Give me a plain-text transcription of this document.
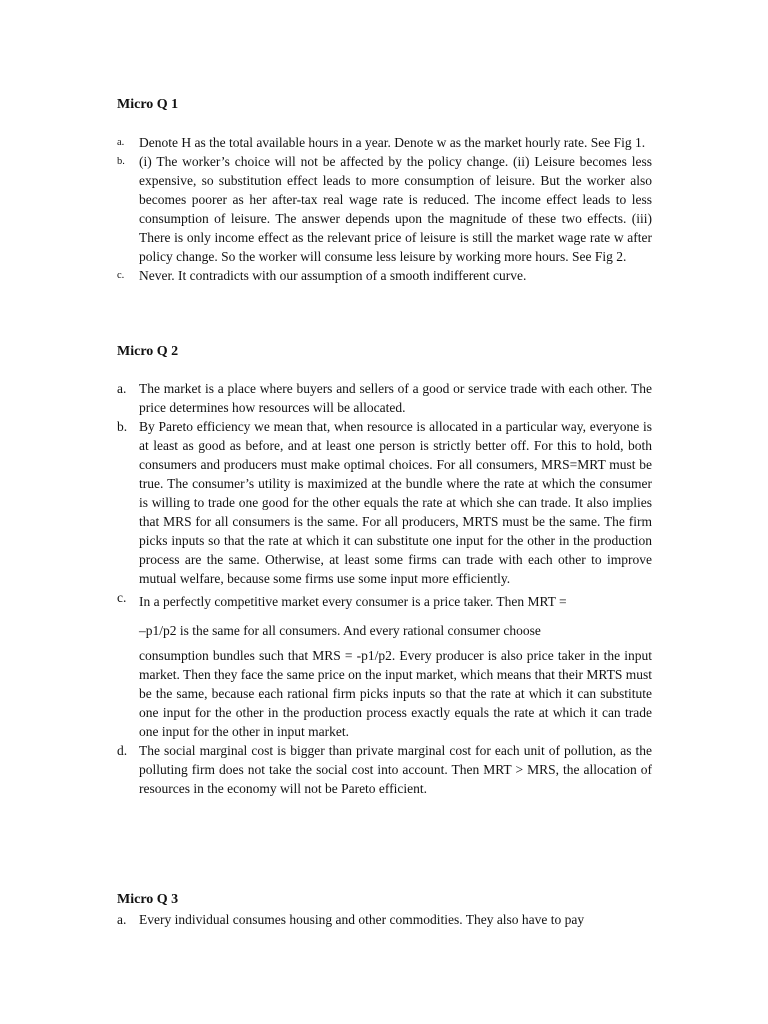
Micro Q 1

a. Denote H as the total available hours in a year. Denote w as the market hourly rate. See Fig 1.
b. (i) The worker’s choice will not be affected by the policy change. (ii) Leisure becomes less expensive, so substitution effect leads to more consumption of leisure. But the worker also becomes poorer as her after-tax real wage rate is reduced. The income effect leads to less consumption of leisure. The answer depends upon the magnitude of these two effects. (iii) There is only income effect as the relevant price of leisure is still the market wage rate w after policy change. So the worker will consume less leisure by working more hours. See Fig 2.
c. Never. It contradicts with our assumption of a smooth indifferent curve.

Micro Q 2

a. The market is a place where buyers and sellers of a good or service trade with each other. The price determines how resources will be allocated.
b. By Pareto efficiency we mean that, when resource is allocated in a particular way, everyone is at least as good as before, and at least one person is strictly better off. For this to hold, both consumers and producers must make optimal choices. For all consumers, MRS=MRT must be true. The consumer’s utility is maximized at the bundle where the rate at which the consumer is willing to trade one good for the other equals the rate at which she can trade. It also implies that MRS for all consumers is the same. For all producers, MRTS must be the same. The firm picks inputs so that the rate at which it can substitute one input for the other in the production process are the same. Otherwise, at least some firms can trade with each other to improve mutual welfare, because some firms use some input more efficiently.
c. In a perfectly competitive market every consumer is a price taker. Then MRT =
–p1/p2 is the same for all consumers. And every rational consumer choose
consumption bundles such that MRS = -p1/p2. Every producer is also price taker in the input market. Then they face the same price on the input market, which means that their MRTS must be the same, because each rational firm picks inputs so that the rate at which it can substitute one input for the other in the production process exactly equals the rate at which it can trade one input for the other in input market.
d. The social marginal cost is bigger than private marginal cost for each unit of pollution, as the polluting firm does not take the social cost into account. Then MRT > MRS, the allocation of resources in the economy will not be Pareto efficient.

Micro Q 3

a. Every individual consumes housing and other commodities. They also have to pay
